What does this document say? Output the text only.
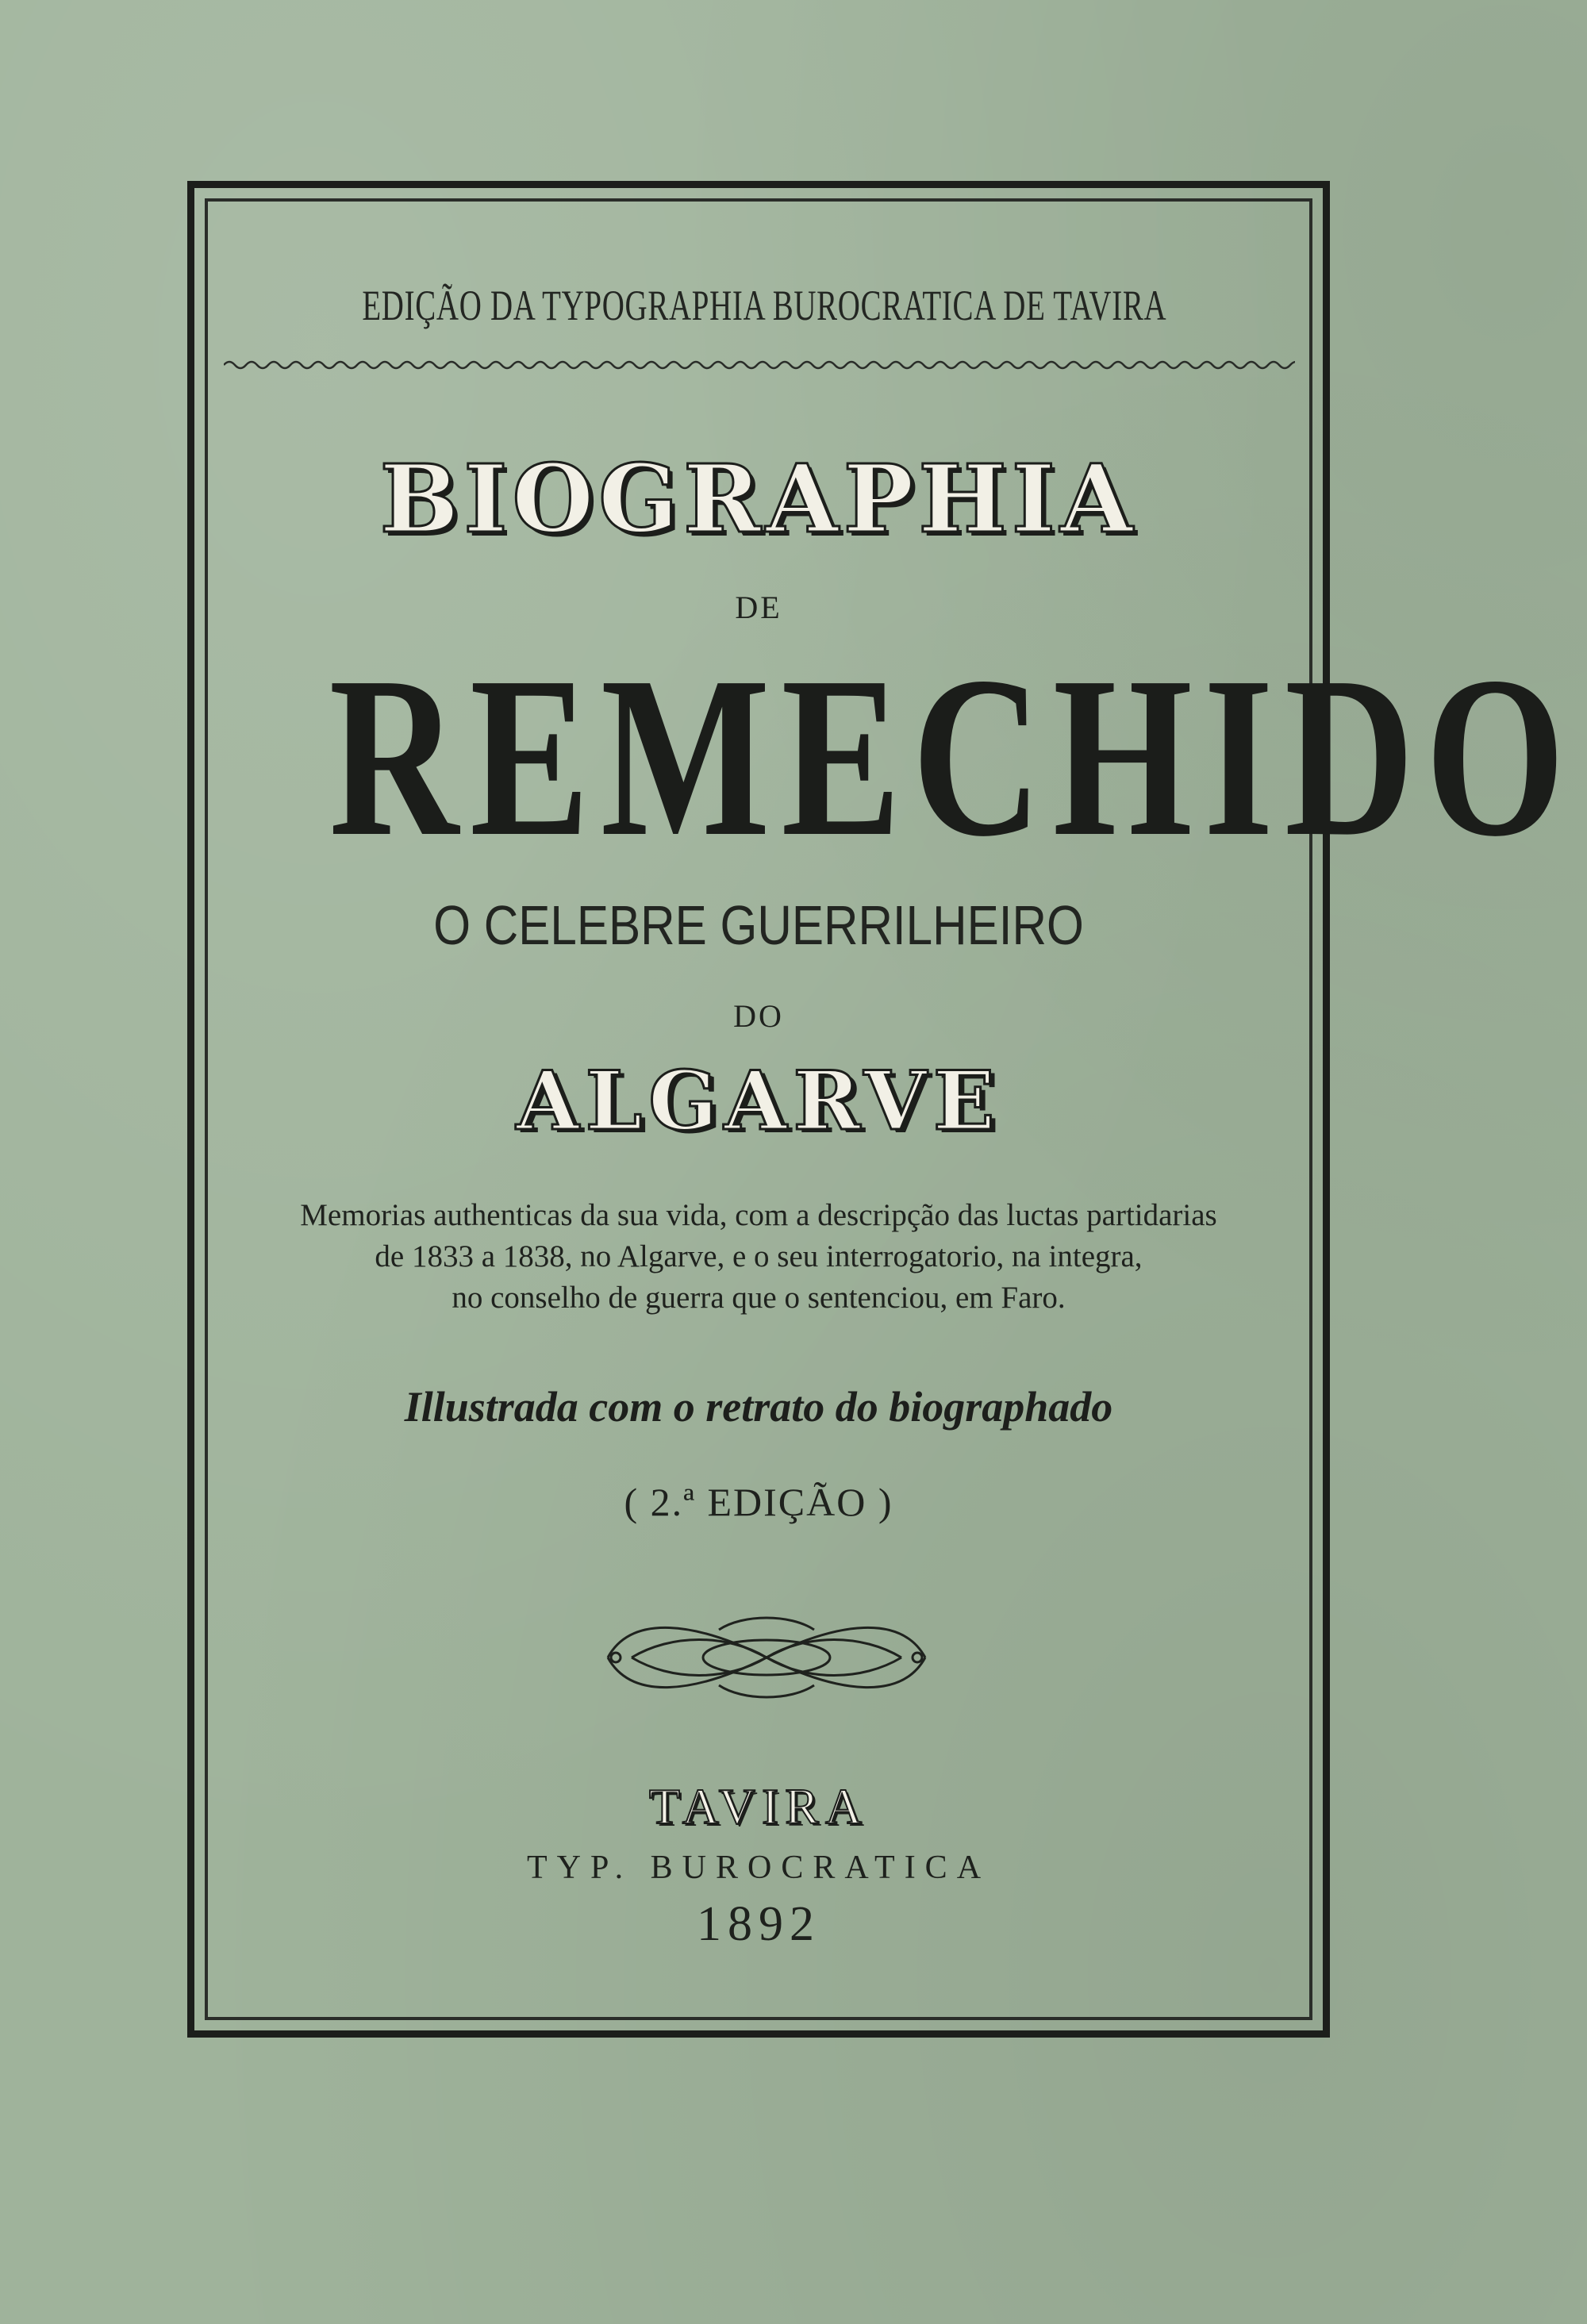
EDIÇÃO DA TYPOGRAPHIA BUROCRATICA DE TAVIRA
BIOGRAPHIA
DE
REMECHIDO
O CELEBRE GUERRILHEIRO
DO
ALGARVE
Memorias authenticas da sua vida, com a descripção das luctas partidarias
de 1833 a 1838, no Algarve, e o seu interrogatorio, na integra,
no conselho de guerra que o sentenciou, em Faro.
Illustrada com o retrato do biographado
( 2.ª EDIÇÃO )
TAVIRA
TYP. BUROCRATICA
1892
